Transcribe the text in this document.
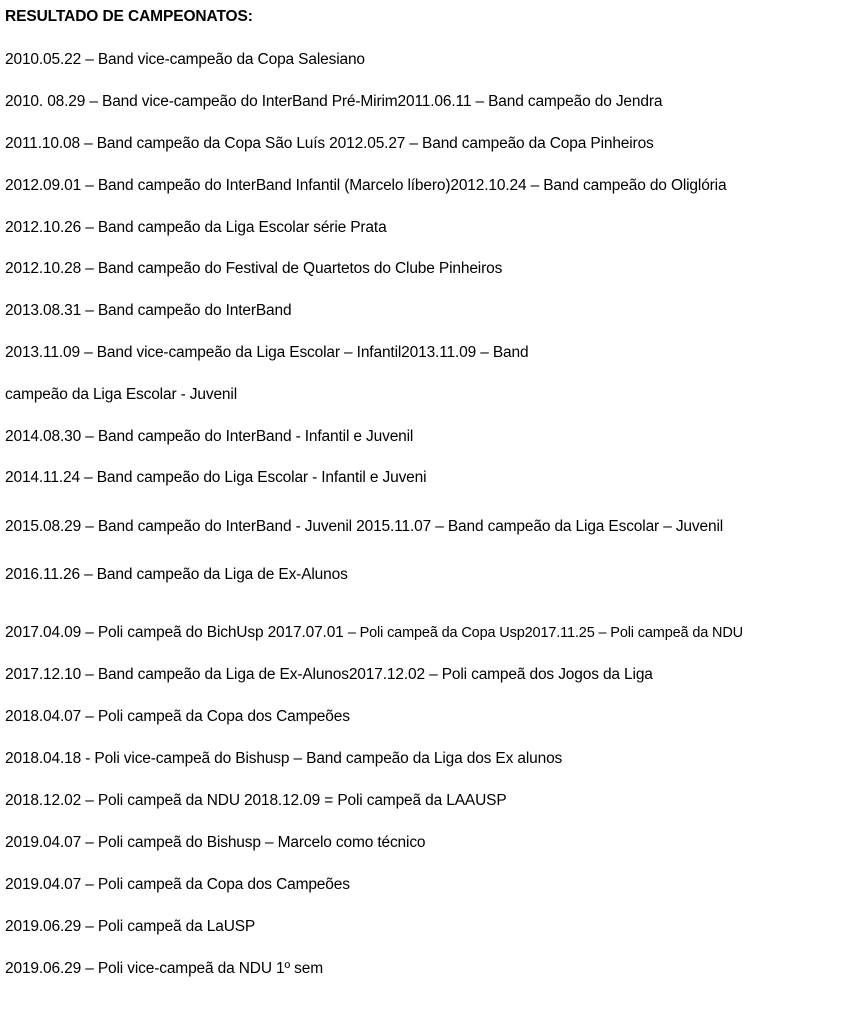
RESULTADO DE CAMPEONATOS:
2010.05.22 – Band vice-campeão da Copa Salesiano
2010. 08.29 – Band vice-campeão do InterBand Pré-Mirim2011.06.11 – Band campeão do Jendra
2011.10.08 – Band campeão da Copa São Luís 2012.05.27 – Band campeão da Copa Pinheiros
2012.09.01 – Band campeão do InterBand Infantil (Marcelo líbero)2012.10.24 – Band campeão do Oliglória
2012.10.26 – Band campeão da Liga Escolar série Prata
2012.10.28 – Band campeão do Festival de Quartetos do Clube Pinheiros
2013.08.31 – Band campeão do InterBand
2013.11.09 – Band vice-campeão da Liga Escolar – Infantil2013.11.09 – Band
campeão da Liga Escolar - Juvenil
2014.08.30 – Band campeão do InterBand - Infantil e Juvenil
2014.11.24 – Band campeão do Liga Escolar - Infantil e Juveni
2015.08.29 – Band campeão do InterBand - Juvenil 2015.11.07 – Band campeão da Liga Escolar – Juvenil
2016.11.26 – Band campeão da Liga de Ex-Alunos
2017.04.09 – Poli campeã do BichUsp 2017.07.01 – Poli campeã da Copa Usp2017.11.25 – Poli campeã da NDU
2017.12.10 – Band campeão da Liga de Ex-Alunos2017.12.02 – Poli campeã dos Jogos da Liga
2018.04.07 – Poli campeã da Copa dos Campeões
2018.04.18 - Poli vice-campeã do Bishusp – Band campeão da Liga dos Ex alunos
2018.12.02 – Poli campeã da NDU 2018.12.09 = Poli campeã da LAAUSP
2019.04.07 – Poli campeã do Bishusp – Marcelo como técnico
2019.04.07 – Poli campeã da Copa dos Campeões
2019.06.29 – Poli campeã da LaUSP
2019.06.29 – Poli vice-campeã da NDU 1º sem
